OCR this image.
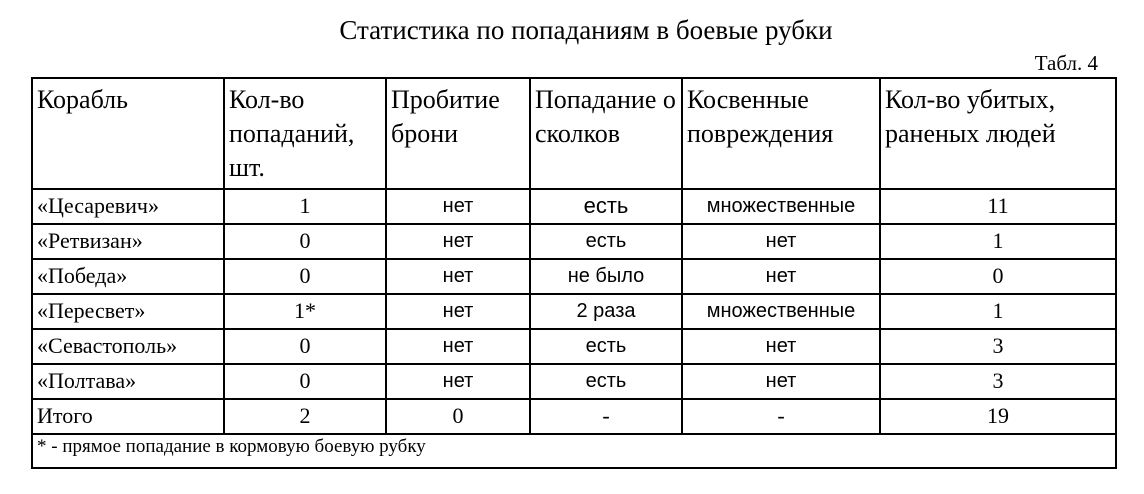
Статистика по попаданиям в боевые рубки
Табл. 4
Корабль	Кол-во попаданий, шт.	Пробитие брони	Попадание осколков	Косвенные повреждения	Кол-во убитых, раненых людей
«Цесаревич»	1	нет	есть	множественные	11
«Ретвизан»	0	нет	есть	нет	1
«Победа»	0	нет	не было	нет	0
«Пересвет»	1*	нет	2 раза	множественные	1
«Севастополь»	0	нет	есть	нет	3
«Полтава»	0	нет	есть	нет	3
Итого	2	0	-	-	19
* - прямое попадание в кормовую боевую рубку					
